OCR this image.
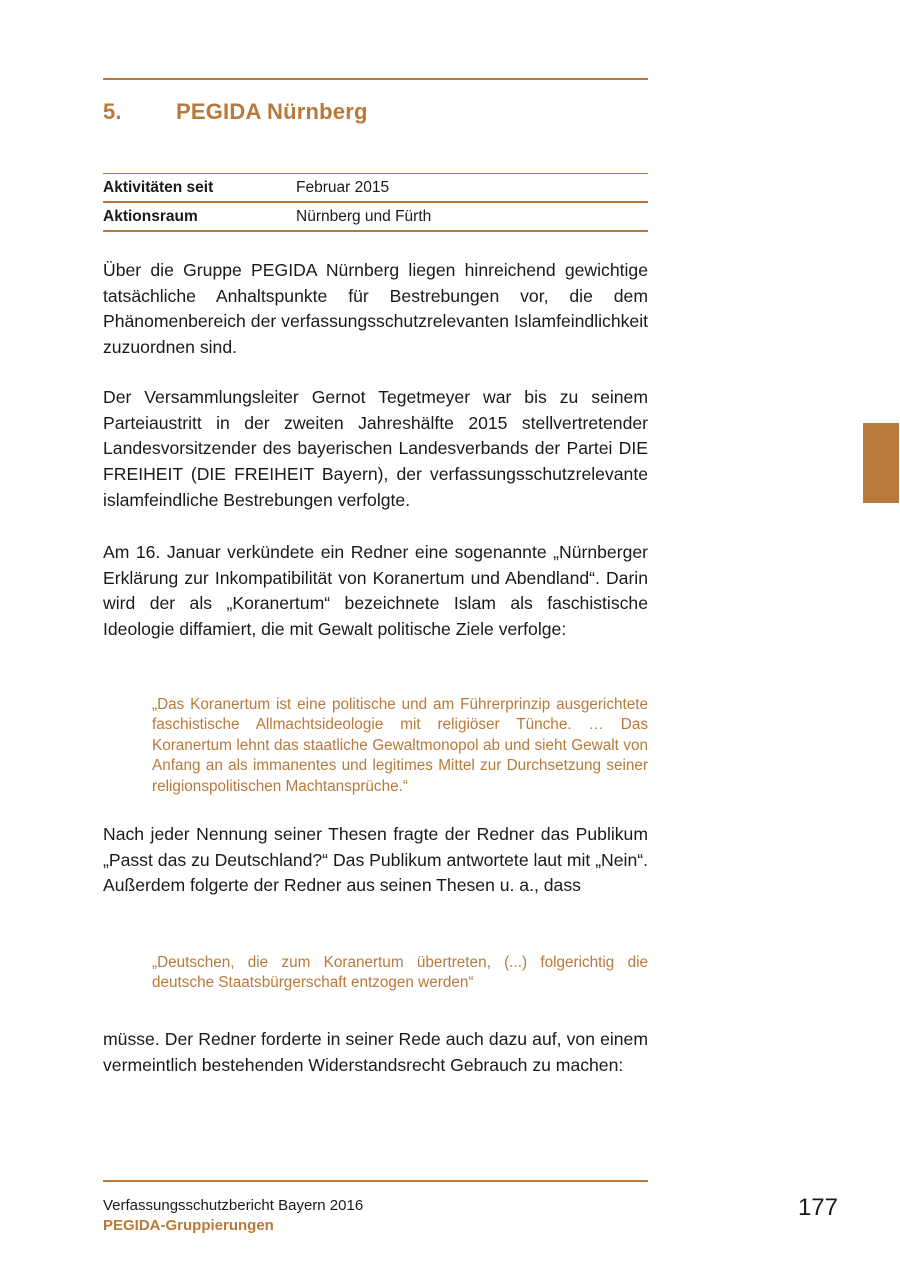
5. PEGIDA Nürnberg
Aktivitäten seit	Februar 2015
Aktionsraum	Nürnberg und Fürth

Über die Gruppe PEGIDA Nürnberg liegen hinreichend gewichtige tatsächliche Anhaltspunkte für Bestrebungen vor, die dem Phänomenbereich der verfassungsschutzrelevanten Islamfeindlichkeit zuzuordnen sind.

Der Versammlungsleiter Gernot Tegetmeyer war bis zu seinem Parteiaustritt in der zweiten Jahreshälfte 2015 stellvertretender Landesvorsitzender des bayerischen Landesverbands der Partei DIE FREIHEIT (DIE FREIHEIT Bayern), der verfassungsschutzrelevante islamfeindliche Bestrebungen verfolgte.

Am 16. Januar verkündete ein Redner eine sogenannte „Nürnberger Erklärung zur Inkompatibilität von Koranertum und Abendland“. Darin wird der als „Koranertum“ bezeichnete Islam als faschistische Ideologie diffamiert, die mit Gewalt politische Ziele verfolge:

„Das Koranertum ist eine politische und am Führerprinzip ausgerichtete faschistische Allmachtsideologie mit religiöser Tünche. … Das Koranertum lehnt das staatliche Gewaltmonopol ab und sieht Gewalt von Anfang an als immanentes und legitimes Mittel zur Durchsetzung seiner religionspolitischen Machtansprüche.“

Nach jeder Nennung seiner Thesen fragte der Redner das Publikum „Passt das zu Deutschland?“ Das Publikum antwortete laut mit „Nein“. Außerdem folgerte der Redner aus seinen Thesen u. a., dass

„Deutschen, die zum Koranertum übertreten, (...) folgerichtig die deutsche Staatsbürgerschaft entzogen werden“

müsse. Der Redner forderte in seiner Rede auch dazu auf, von einem vermeintlich bestehenden Widerstandsrecht Gebrauch zu machen:

Verfassungsschutzbericht Bayern 2016
PEGIDA-Gruppierungen
177
